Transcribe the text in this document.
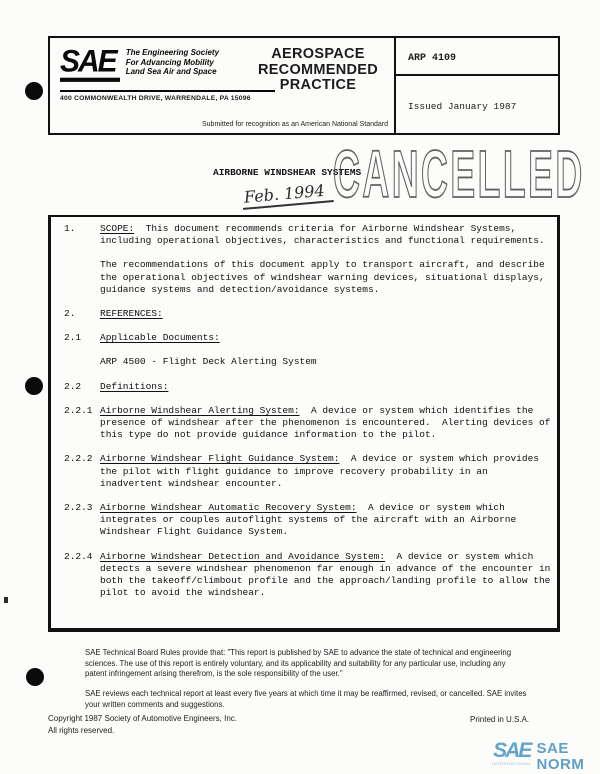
SAE	The Engineering Society
For Advancing Mobility
Land Sea Air and Space
400 COMMONWEALTH DRIVE, WARRENDALE, PA 15096
AEROSPACE
RECOMMENDED
PRACTICE
Submitted for recognition as an American National Standard
ARP 4109
Issued January 1987
AIRBORNE WINDSHEAR SYSTEMS
Feb. 1994 CANCELLED
1.	SCOPE:  This document recommends criteria for Airborne Windshear Systems, including operational objectives, characteristics and functional requirements.
The recommendations of this document apply to transport aircraft, and describe the operational objectives of windshear warning devices, situational displays, guidance systems and detection/avoidance systems.
2.	REFERENCES:
2.1	Applicable Documents:
ARP 4500 - Flight Deck Alerting System
2.2	Definitions:
2.2.1 Airborne Windshear Alerting System:  A device or system which identifies the presence of windshear after the phenomenon is encountered.  Alerting devices of this type do not provide guidance information to the pilot.
2.2.2 Airborne Windshear Flight Guidance System:  A device or system which provides the pilot with flight guidance to improve recovery probability in an inadvertent windshear encounter.
2.2.3 Airborne Windshear Automatic Recovery System:  A device or system which integrates or couples autoflight systems of the aircraft with an Airborne Windshear Flight Guidance System.
2.2.4 Airborne Windshear Detection and Avoidance System:  A device or system which detects a severe windshear phenomenon far enough in advance of the encounter in both the takeoff/climbout profile and the approach/landing profile to allow the pilot to avoid the windshear.
SAE Technical Board Rules provide that: "This report is published by SAE to advance the state of technical and engineering sciences. The use of this report is entirely voluntary, and its applicability and suitability for any particular use, including any patent infringement arising therefrom, is the sole responsibility of the user."
SAE reviews each technical report at least every five years at which time it may be reaffirmed, revised, or cancelled. SAE invites your written comments and suggestions.
Copyright 1987 Society of Automotive Engineers, Inc.
All rights reserved.
Printed in U.S.A.
SAE
INTERNATIONAL
SAE NORM
